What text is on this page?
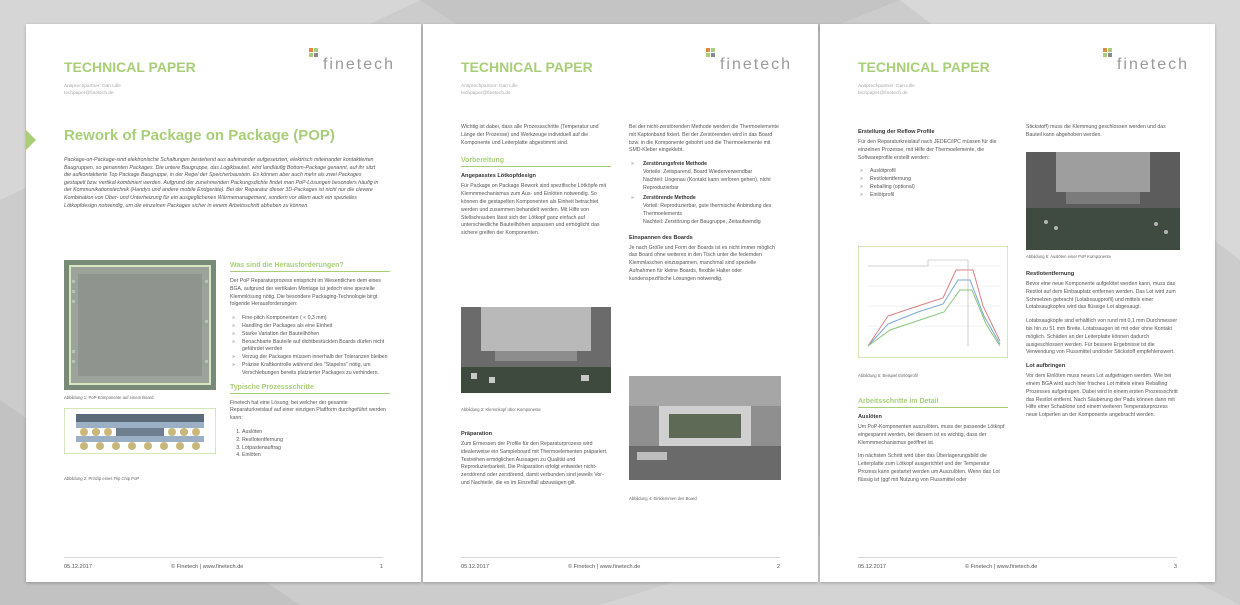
TECHNICAL PAPER
Ansprechpartner: Dan Lille
techpaper@finetech.de
finetech
Rework of Package on Package (POP)
Package-on-Package-sind elektronische Schaltungen bestehend aus aufeinander aufgesetzten, elektrisch miteinander kontaktierten Baugruppen, so genannten Packages. Die untere Baugruppe, das Logikbauteil, wird landläufig Bottom-Package genannt, auf ihr sitzt die aufkontaktierte Top Package Baugruppe, in der Regel der Speicherbaustein. Es können aber auch mehr als zwei Packages gestapelt bzw. vertikal kombiniert werden. Aufgrund der zunehmenden Packungsdichte findet man PoP-Lösungen besonders häufig in der Kommunikationstechnik (Handys und andere mobile Endgeräte). Bei der Reparatur dieser 3D-Packages ist nicht nur die clevere Kombination von Ober- und Unterheizung für ein ausgeglichenes Wärmemanagement, sondern vor allem auch ein spezielles Lötkopfdesign notwendig, um die einzelnen Packages sicher in einem Arbeitsschritt abheben zu können.
Abbildung 1: PoP-Komponente auf einem Board
Abbildung 2: Prinzip eines Flip Chip PoP
Was sind die Herausforderungen?
Der PoP Reparaturprozess entspricht im Wesentlichen dem eines BGA, aufgrund der vertikalen Montage ist jedoch eine spezielle Klemmlösung nötig. Die besondere Packaging-Technologie birgt folgende Herausforderungen:
» Fine-pitch Komponenten ( < 0,3 mm)
» Handling der Packages als eine Einheit
» Starke Variation der Bauteilhöhen
» Benachbarte Bauteile auf dichtbestückten Boards dürfen nicht gefährdet werden
» Verzug der Packages müssen innerhalb der Toleranzen bleiben
» Präzise Kraftkontrolle während des "Stapelns" nötig, um Verschiebungen bereits platzierter Packages zu verhindern.
Typische Prozessschritte
Finetech hat eine Lösung, bei welcher der gesamte Reparaturkreislauf auf einer einzigen Plattform durchgeführt werden kann:
1. Auslöten
2. Restlotentfernung
3. Lotpastenauftrag
4. Einlöten
05.12.2017	© Finetech | www.finetech.de	1
TECHNICAL PAPER
Ansprechpartner: Dan Lille
techpaper@finetech.de
finetech
Wichtig ist dabei, dass alle Prozessschritte (Temperatur und Länge der Prozesse) und Werkzeuge individuell auf die Komponente und Leiterplatte abgestimmt sind.
Vorbereitung
Angepasstes Lötkopfdesign
Für Package on Package Rework sind spezifische Lötköpfe mit Klemmmechanismus zum Aus- und Einlöten notwendig. So können die gestapelten Komponenten als Einheit betrachtet werden und zusammen behandelt werden. Mit Hilfe von Stellschrauben lässt sich der Lötkopf ganz einfach auf unterschiedliche Bauteilhöhen anpassen und ermöglicht das sichere greifen der Komponenten.
Abbildung 3: Klemmkopf über Komponente
Präparation
Zum Ermessen der Profile für den Reparaturprozess wird idealerweise ein Sampleboard mit Thermoelementen präpariert. Testreihen ermöglichen Aussagen zu Qualität und Reproduzierbarkeit. Die Präparation erfolgt entweder nicht-zerstörend oder zerstörend, damit verbunden sind jeweils Vor- und Nachteile, die es im Einzelfall abzuwägen gilt.
Bei der nicht-zerstörenden Methode werden die Thermoelemente mit Kaptonband fixiert. Bei der Zerstörenden wird in das Board bzw. in die Komponente gebohrt und die Thermoelemente mit SMD-Kleber eingeklebt.
» Zerstörungsfreie Methode
Vorteile: Zeitsparend, Board Wiederverwendbar
Nachteil: Ungenau (Kontakt kann verloren gehen), nicht Reproduzierbar
» Zerstörende Methode
Vorteil: Reproduzierbar, gute thermische Anbindung des Thermoelements
Nachteil: Zerstörung der Baugruppe, Zeitaufwendig
Einspannen des Boards
Je nach Größe und Form der Boards ist es nicht immer möglich das Board ohne weiteres in den Tisch unter die federnden Klemmlaschen einzuspannen, manchmal sind spezielle Aufnahmen für kleine Boards, flexible Halter oder kundenspezifische Lösungen notwendig.
Abbildung 4: Einklemmen des Board
05.12.2017	© Finetech | www.finetech.de	2
TECHNICAL PAPER
Ansprechpartner: Dan Lille
techpaper@finetech.de
finetech
Erstellung der Reflow Profile
Für den Reparaturkreislauf nach JEDEC/IPC müssen für die einzelnen Prozesse, mit Hilfe der Thermoelemente, die Softwareprofile erstellt werden:
» Auslötprofil
» Restlotentfernung
» Reballing (optional)
» Einlötprofil
Abbildung 5: Beispiel Einlötprofil
Arbeitsschritte im Detail
Auslöten
Um PoP-Komponenten auszulöten, muss der passende Lötkopf eingespannt werden, bei diesem ist es wichtig, dass der Klemmmechanismus geöffnet ist.
Im nächsten Schritt wird über das Überlagerungsbild die Leiterplatte zum Lötkopf ausgerichtet und der Temperatur Prozess kann gestartet werden um Auszulöten. Wenn das Lot flüssig ist (ggf mit Nutzung von Flussmittel oder
Stickstoff) muss die Klemmung geschlossen werden und das Bauteil kann abgehoben werden.
Abbildung 6: Auslöten einer PoP Komponente
Restlotentfernung
Bevor eine neue Komponente aufgelötet werden kann, muss das Restlot auf dem Einbauplatz entfernen werden. Das Lot wird zum Schmelzen gebracht (Lotabsaugprofil) und mittels einer Lotabsaugkopfes wird das flüssige Lot abgesaugt.
Lotabsaugköpfe sind erhältlich von rund mit 0,1 mm Durchmesser bis hin zu 51 mm Breite. Lotabsaugen ist mit oder ohne Kontakt möglich. Schäden an der Leiterplatte können dadurch ausgeschlossen werden. Für bessere Ergebnisse ist die Verwendung von Flussmittel und/oder Stickstoff empfehlenswert.
Lot aufbringen
Vor dem Einlöten muss neues Lot aufgetragen werden. Wie bei einem BGA wird auch hier frisches Lot mittels eines Reballing Prozesses aufgetragen. Dabei wird in einem ersten Prozessschritt das Restlot entfernt. Nach Säuberung der Pads können dann mit Hilfe einer Schablone und einem weiteren Temperaturprozess neue Lotperlen an der Komponente angebracht werden.
05.12.2017	© Finetech | www.finetech.de	3
